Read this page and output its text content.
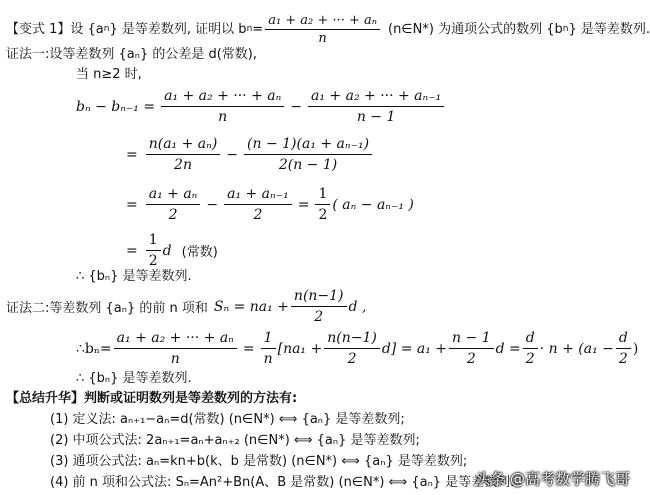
【变式 1】 设 {a n } 是等差数列, 证明以 b $n = \frac{\text{a₁ + a₂ + ··· + aₙ}}{n}$ (n∈N*) 为通项公式的数列 {b n } 是等差数列.
证法一:设等差数列 {aₙ} 的公差是 d(常数),
当 n≥2 时,
$b_n - b_{n-1} = \frac{\text{a₁ + a₂ + ··· + aₙ}}{n} - \frac{\text{a₁ + a₂ + ··· + aₙ₋₁}}{n - 1}$
= $\frac{\text{n(a₁ + aₙ)}}{2n} - \frac{\text{(n − 1)(a₁ + aₙ₋₁)}}{2(n - 1)}$
= $\frac{\text{a₁ + aₙ}}{2} - \frac{\text{a₁ + aₙ₋₁}}{2} = \frac{1}{2}$ ( aₙ − aₙ₋₁ )
= $\frac{1}{2}$ d (常数)
∴ {bₙ} 是等差数列.
证法二: 等差数列 {aₙ} 的前 n 项和 $S_n = na_1 + \frac{n(n-1)}{2}$ d ,
∴bₙ= $\frac{\text{a₁ + a₂ + ··· + aₙ}}{n} = \frac{1}{n} [na_1 + \frac{n(n-1)}{2} d] = a_1 + \frac{n - 1}{2}$ $d = \frac{d}{2} \cdot n + (a_1 - \frac{d}{2}$ )
∴ {bₙ} 是等差数列.
【总结升华】判断或证明数列是等差数列的方法有:
(1) 定义法: aₙ₊₁−aₙ=d(常数) (n∈N*) ⟺ {aₙ} 是等差数列;
(2) 中项公式法: 2aₙ₊₁=aₙ+aₙ₊₂ (n∈N*) ⟺ {aₙ} 是等差数列;
(3) 通项公式法: aₙ=kn+b(k、b 是常数) (n∈N*) ⟺ {aₙ} 是等差数列;
(4) 前 n 项和公式法: Sₙ=An²+Bn(A、B 是常数) (n∈N*) ⟺ {aₙ} 是等差数列.
头条 @高考数学腾飞哥
